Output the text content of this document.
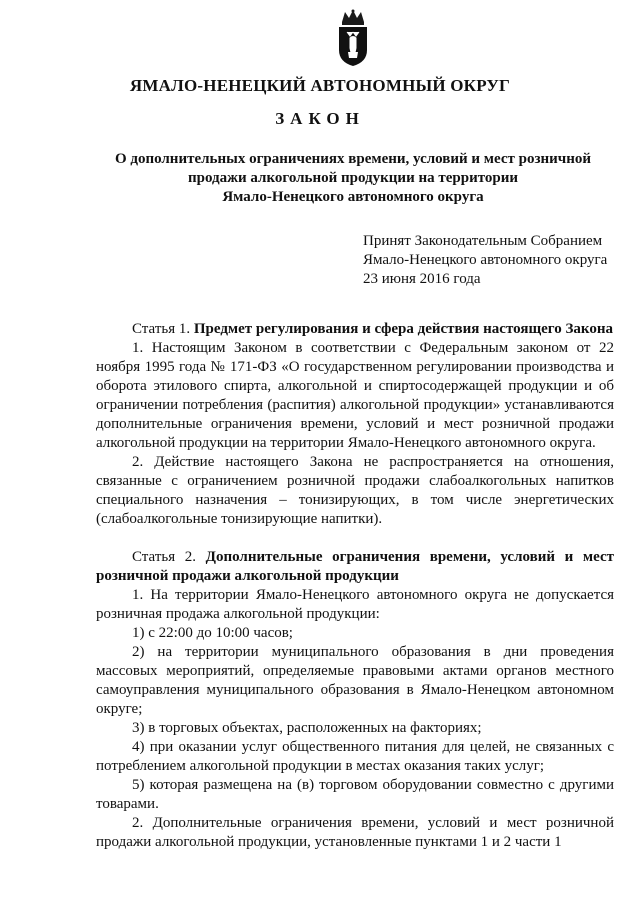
ЯМАЛО-НЕНЕЦКИЙ АВТОНОМНЫЙ ОКРУГ
ЗАКОН
О дополнительных ограничениях времени, условий и мест розничной
продажи алкогольной продукции на территории
Ямало-Ненецкого автономного округа
Принят Законодательным Собранием
Ямало-Ненецкого автономного округа
23 июня 2016 года

Статья 1. Предмет регулирования и сфера действия настоящего Закона

1. Настоящим Законом в соответствии с Федеральным законом от 22 ноября 1995 года № 171-ФЗ «О государственном регулировании производства и оборота этилового спирта, алкогольной и спиртосодержащей продукции и об ограничении потребления (распития) алкогольной продукции» устанавливаются дополнительные ограничения времени, условий и мест розничной продажи алкогольной продукции на территории Ямало-Ненецкого автономного округа.

2. Действие настоящего Закона не распространяется на отношения, связанные с ограничением розничной продажи слабоалкогольных напитков специального назначения – тонизирующих, в том числе энергетических (слабоалкогольные тонизирующие напитки).

Статья 2. Дополнительные ограничения времени, условий и мест розничной продажи алкогольной продукции

1. На территории Ямало-Ненецкого автономного округа не допускается розничная продажа алкогольной продукции:

1) с 22:00 до 10:00 часов;

2) на территории муниципального образования в дни проведения массовых мероприятий, определяемые правовыми актами органов местного самоуправления муниципального образования в Ямало-Ненецком автономном округе;

3) в торговых объектах, расположенных на факториях;

4) при оказании услуг общественного питания для целей, не связанных с потреблением алкогольной продукции в местах оказания таких услуг;

5) которая размещена на (в) торговом оборудовании совместно с другими товарами.

2. Дополнительные ограничения времени, условий и мест розничной продажи алкогольной продукции, установленные пунктами 1 и 2 части 1
